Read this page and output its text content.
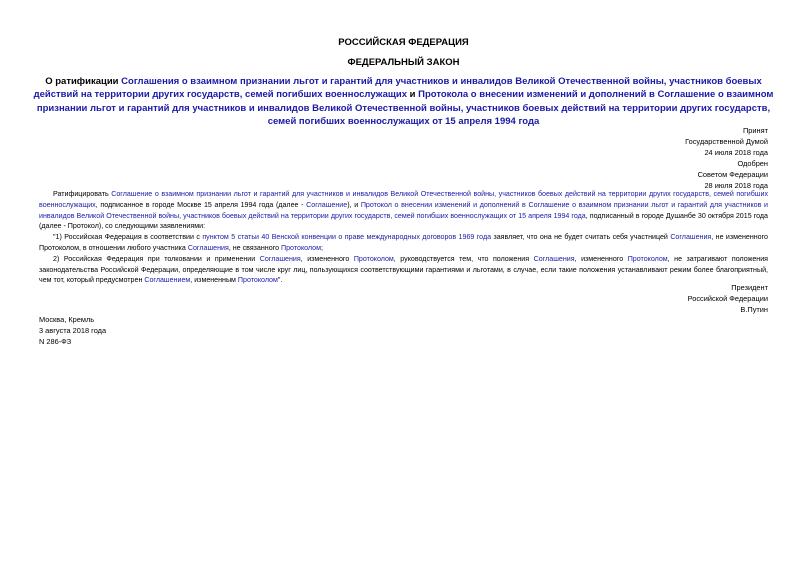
РОССИЙСКАЯ ФЕДЕРАЦИЯ
ФЕДЕРАЛЬНЫЙ ЗАКОН
О ратификации Соглашения о взаимном признании льгот и гарантий для участников и инвалидов Великой Отечественной войны, участников боевых действий на территории других государств, семей погибших военнослужащих и Протокола о внесении изменений и дополнений в Соглашение о взаимном признании льгот и гарантий для участников и инвалидов Великой Отечественной войны, участников боевых действий на территории других государств, семей погибших военнослужащих от 15 апреля 1994 года
Принят
Государственной Думой
24 июля 2018 года
Одобрен
Советом Федерации
28 июля 2018 года

Ратифицировать Соглашение о взаимном признании льгот и гарантий для участников и инвалидов Великой Отечественной войны, участников боевых действий на территории других государств, семей погибших военнослужащих, подписанное в городе Москве 15 апреля 1994 года (далее - Соглашение), и Протокол о внесении изменений и дополнений в Соглашение о взаимном признании льгот и гарантий для участников и инвалидов Великой Отечественной войны, участников боевых действий на территории других государств, семей погибших военнослужащих от 15 апреля 1994 года, подписанный в городе Душанбе 30 октября 2015 года (далее - Протокол), со следующими заявлениями:

"1) Российская Федерация в соответствии с пунктом 5 статьи 40 Венской конвенции о праве международных договоров 1969 года заявляет, что она не будет считать себя участницей Соглашения, не измененного Протоколом, в отношении любого участника Соглашения, не связанного Протоколом;

2) Российская Федерация при толковании и применении Соглашения, измененного Протоколом, руководствуется тем, что положения Соглашения, измененного Протоколом, не затрагивают положения законодательства Российской Федерации, определяющие в том числе круг лиц, пользующихся соответствующими гарантиями и льготами, в случае, если такие положения устанавливают режим более благоприятный, чем тот, который предусмотрен Соглашением, измененным Протоколом".

Президент
Российской Федерации
В.Путин
Москва, Кремль
3 августа 2018 года
N 286-ФЗ
